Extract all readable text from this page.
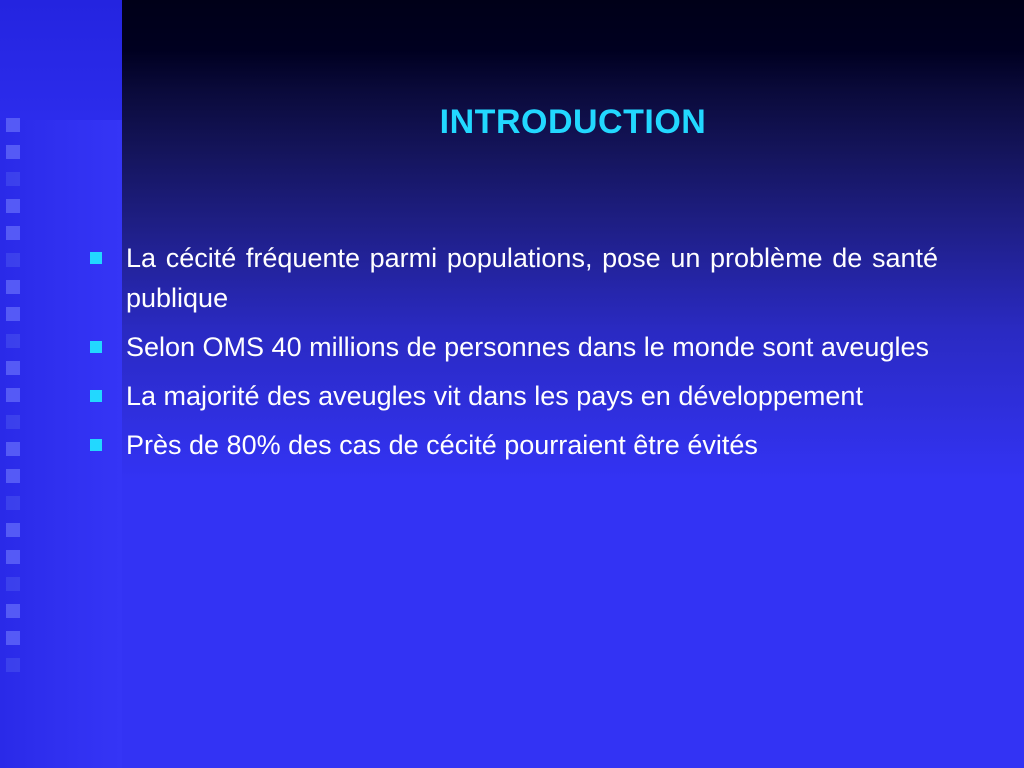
INTRODUCTION
La cécité fréquente parmi populations, pose un problème de santé publique
Selon OMS 40 millions de personnes dans le monde sont aveugles
La majorité des aveugles vit dans les pays en développement
Près de 80% des cas de cécité pourraient être évités
